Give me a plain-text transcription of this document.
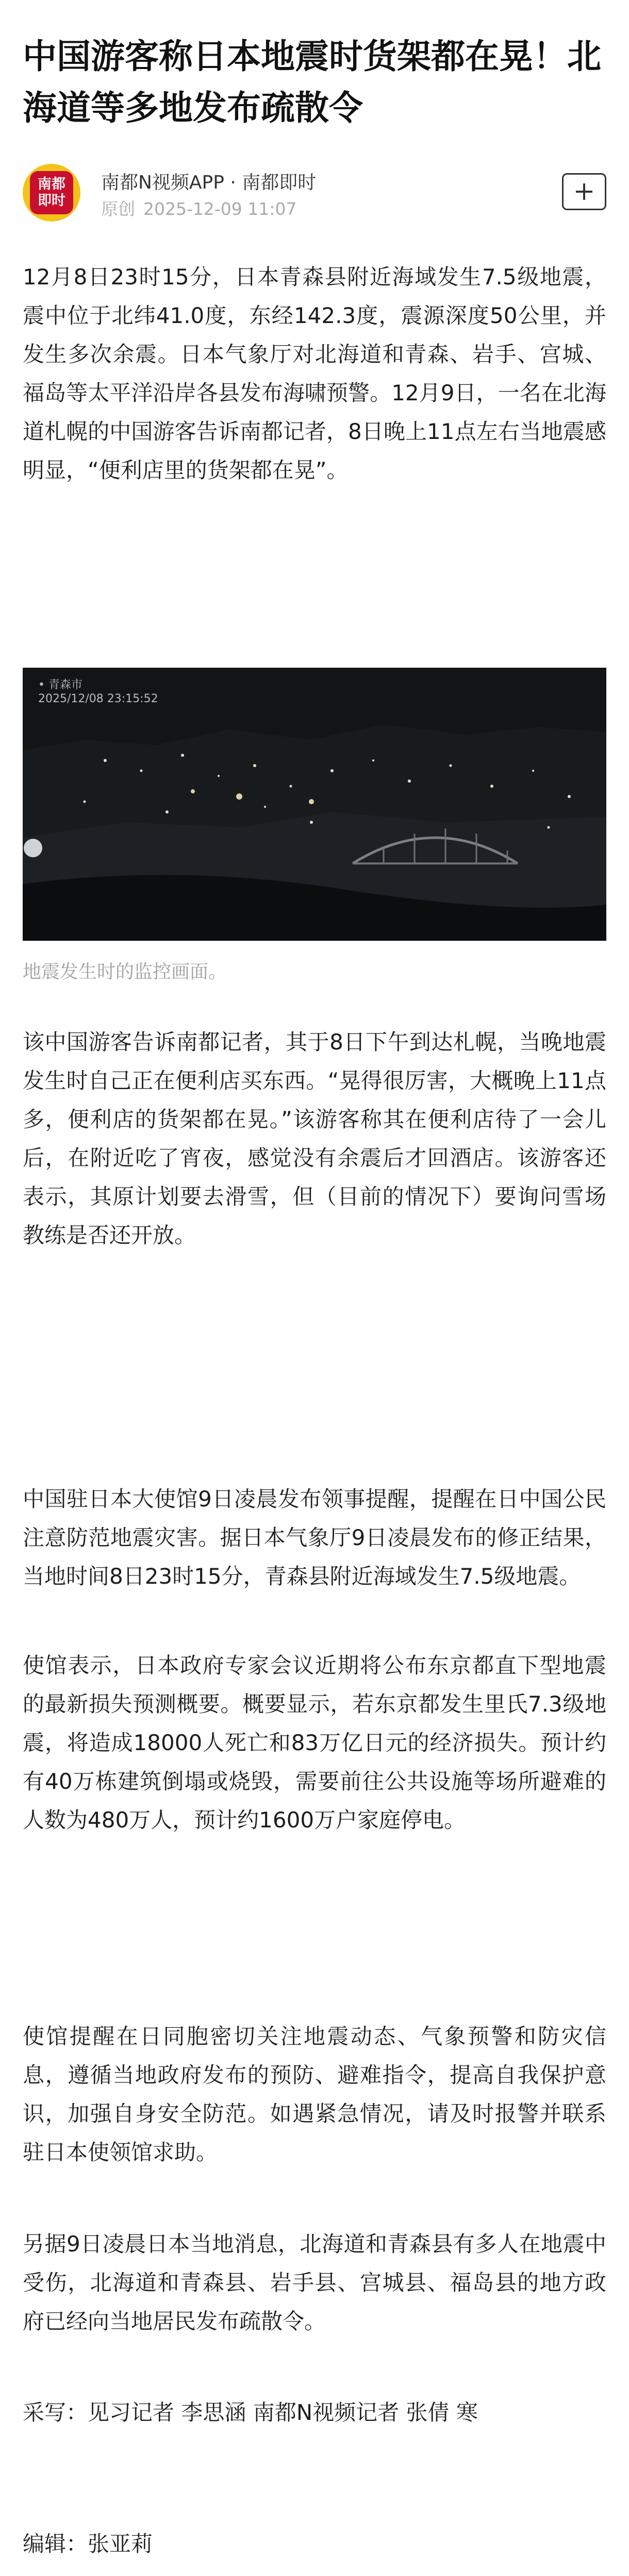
中国游客称日本地震时货架都在晃！北海道等多地发布疏散令
南都
即时
南都N视频APP · 南都即时
原创 2025-12-09 11:07

12月8日23时15分，日本青森县附近海域发生7.5级地震，震中位于北纬41.0度，东经142.3度，震源深度50公里，并发生多次余震。日本气象厅对北海道和青森、岩手、宫城、福岛等太平洋沿岸各县发布海啸预警。12月9日，一名在北海道札幌的中国游客告诉南都记者，8日晚上11点左右当地震感明显，“便利店里的货架都在晃”。

• 青森市
2025/12/08 23:15:52
地震发生时的监控画面。

该中国游客告诉南都记者，其于8日下午到达札幌，当晚地震发生时自己正在便利店买东西。“晃得很厉害，大概晚上11点多，便利店的货架都在晃。”该游客称其在便利店待了一会儿后，在附近吃了宵夜，感觉没有余震后才回酒店。该游客还表示，其原计划要去滑雪，但（目前的情况下）要询问雪场教练是否还开放。

中国驻日本大使馆9日凌晨发布领事提醒，提醒在日中国公民注意防范地震灾害。据日本气象厅9日凌晨发布的修正结果，当地时间8日23时15分，青森县附近海域发生7.5级地震。

使馆表示，日本政府专家会议近期将公布东京都直下型地震的最新损失预测概要。概要显示，若东京都发生里氏7.3级地震，将造成18000人死亡和83万亿日元的经济损失。预计约有40万栋建筑倒塌或烧毁，需要前往公共设施等场所避难的人数为480万人，预计约1600万户家庭停电。

使馆提醒在日同胞密切关注地震动态、气象预警和防灾信息，遵循当地政府发布的预防、避难指令，提高自我保护意识，加强自身安全防范。如遇紧急情况，请及时报警并联系驻日本使领馆求助。

另据9日凌晨日本当地消息，北海道和青森县有多人在地震中受伤，北海道和青森县、岩手县、宫城县、福岛县的地方政府已经向当地居民发布疏散令。

采写：见习记者 李思涵 南都N视频记者 张倩 寒

编辑：张亚莉
